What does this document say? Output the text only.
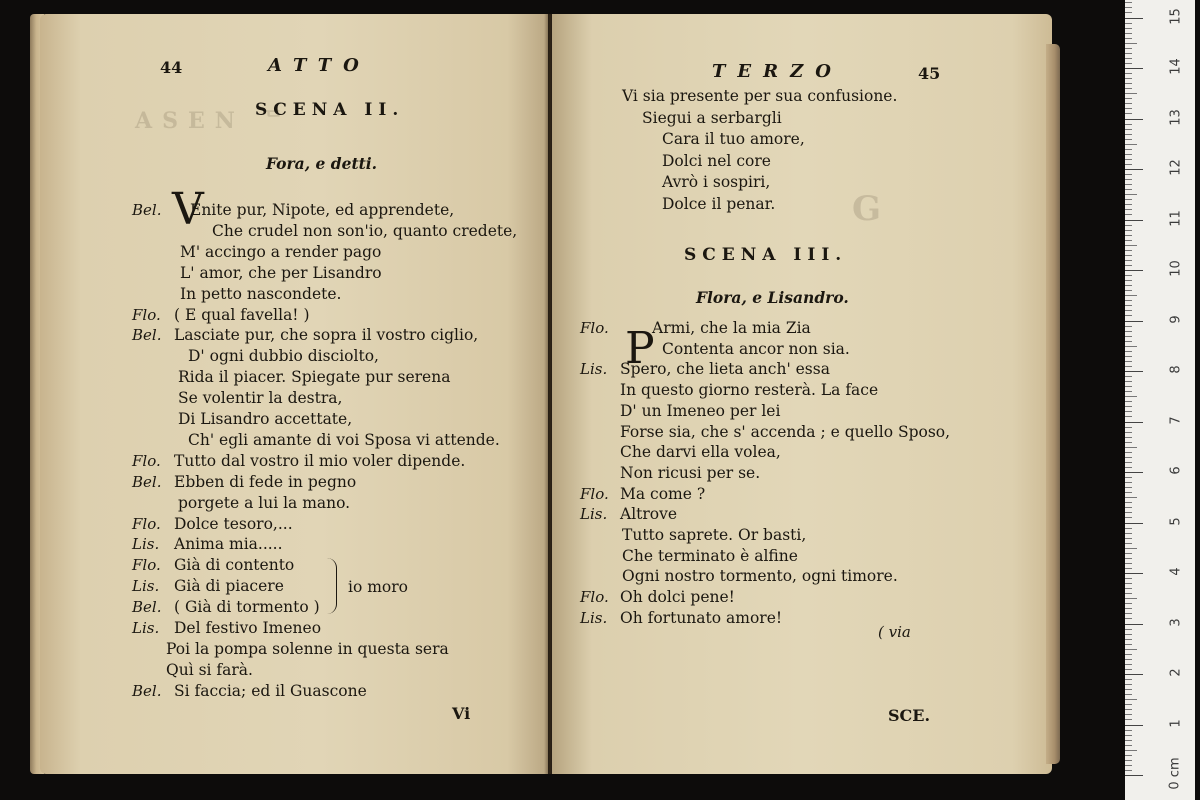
ASEN ᄃ
44	ATTO
SCENA II.
Fora, e detti.
V
Bel. Enite pur, Nipote, ed apprendete,
Che crudel non son'io, quanto credete,
M' accingo a render pago
L' amor, che per Lisandro
In petto nascondete.
Flo. ( E qual favella! )
Bel. Lasciate pur, che sopra il vostro ciglio,
D' ogni dubbio disciolto,
Rida il piacer. Spiegate pur serena
Se volentir la destra,
Di Lisandro accettate,
Ch' egli amante di voi Sposa vi attende.
Flo. Tutto dal vostro il mio voler dipende.
Bel. Ebben di fede in pegno
porgete a lui la mano.
Flo. Dolce tesoro,...
Lis. Anima mia.....
Flo. Già di contento
Lis. Già di piacere
Bel. ( Già di tormento )
Lis. Del festivo Imeneo
Poi la pompa solenne in questa sera
Quì si farà.
Bel. Si faccia; ed il Guascone
io moro
Vi
G
TERZO	45
Vi sia presente per sua confusione.
Siegui a serbargli
Cara il tuo amore,
Dolci nel core
Avrò i sospiri,
Dolce il penar.
SCENA III.
Flora, e Lisandro.
P
Flo.	Armi, che la mia Zia
Contenta ancor non sia.
Lis. Spero, che lieta anch' essa
In questo giorno resterà. La face
D' un Imeneo per lei
Forse sia, che s' accenda ; e quello Sposo,
Che darvi ella volea,
Non ricusi per se.
Flo. Ma come ?
Lis. Altrove
Tutto saprete. Or basti,
Che terminato è alfine
Ogni nostro tormento, ogni timore.
Flo. Oh dolci pene!
Lis. Oh fortunato amore!
( via
SCE.
15
14
13
12
11
10
9
8
7
6
5
4
3
2
1
0 cm
